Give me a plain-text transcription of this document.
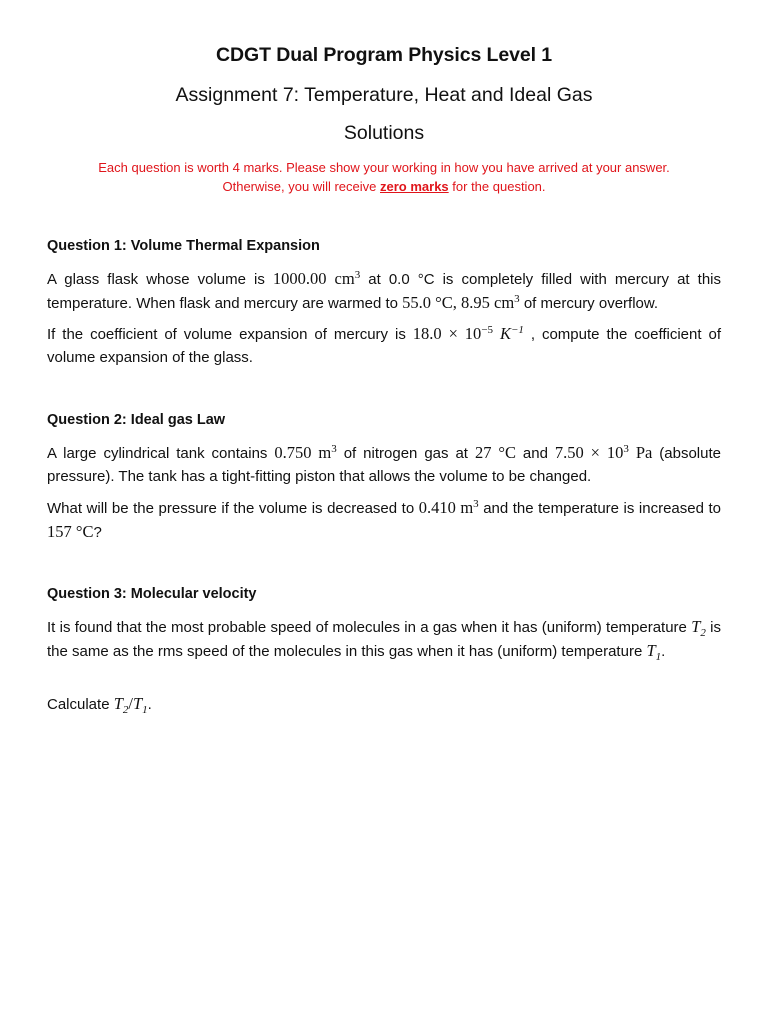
CDGT Dual Program Physics Level 1
Assignment 7: Temperature, Heat and Ideal Gas
Solutions
Each question is worth 4 marks. Please show your working in how you have arrived at your answer.
Otherwise, you will receive zero marks for the question.
Question 1: Volume Thermal Expansion
A glass flask whose volume is 1000.00 $cm^3$ at 0.0 °C is completely filled with mercury at this temperature. When flask and mercury are warmed to 55.0 °C, 8.95 $cm^3$ of mercury overflow.
If the coefficient of volume expansion of mercury is $18.0 \times 10^{-5}$ $K^{-1}$ , compute the coefficient of volume expansion of the glass.
Question 2: Ideal gas Law
A large cylindrical tank contains 0.750 $m^3$ of nitrogen gas at 27 °C and $7.50 \times 10^3$ Pa (absolute pressure). The tank has a tight-fitting piston that allows the volume to be changed.
What will be the pressure if the volume is decreased to 0.410 $m^3$ and the temperature is increased to 157 °C?
Question 3: Molecular velocity
It is found that the most probable speed of molecules in a gas when it has (uniform) temperature $T_2$ is the same as the rms speed of the molecules in this gas when it has (uniform) temperature $T_1$.
Calculate $T_2/T_1$.
